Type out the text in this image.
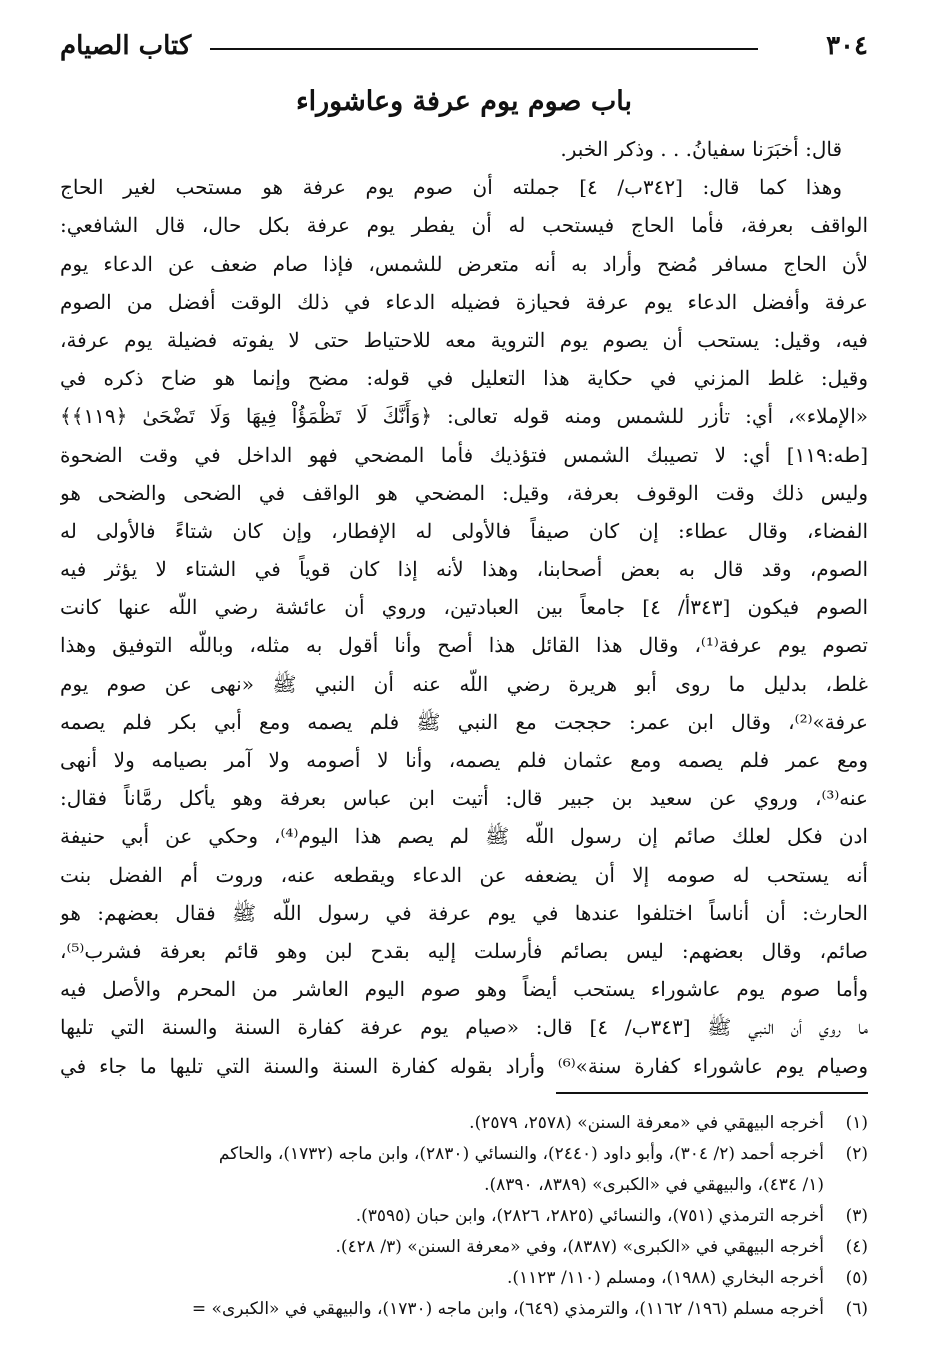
٣٠٤
كتاب الصيام
باب صوم يوم عرفة وعاشوراء
قال: أخبَرَنا سفيانُ. . . وذكر الخبر.
وهذا كما قال: [٣٤٢ب/ ٤] جملته أن صوم يوم عرفة هو مستحب لغير الحاج
الواقف بعرفة، فأما الحاج فيستحب له أن يفطر يوم عرفة بكل حال، قال الشافعي:
لأن الحاج مسافر مُضح وأراد به أنه متعرض للشمس، فإذا صام ضعف عن الدعاء يوم
عرفة وأفضل الدعاء يوم عرفة فحيازة فضيله الدعاء في ذلك الوقت أفضل من الصوم
فيه، وقيل: يستحب أن يصوم يوم التروية معه للاحتياط حتى لا يفوته فضيلة يوم عرفة،
وقيل: غلط المزني في حكاية هذا التعليل في قوله: مضح وإنما هو ضاح ذكره في
«الإملاء»، أي: تأزر للشمس ومنه قوله تعالى: ﴿وَأَنَّكَ لَا تَظْمَؤُاْ فِيهَا وَلَا تَضْحَىٰ ﴿١١٩﴾﴾
[طه:١١٩] أي: لا تصيبك الشمس فتؤذيك فأما المضحي فهو الداخل في وقت الضحوة
وليس ذلك وقت الوقوف بعرفة، وقيل: المضحي هو الواقف في الضحى والضحى هو
الفضاء، وقال عطاء: إن كان صيفاً فالأولى له الإفطار، وإن كان شتاءً فالأولى له
الصوم، وقد قال به بعض أصحابنا، وهذا لأنه إذا كان قوياً في الشتاء لا يؤثر فيه
الصوم فيكون [٣٤٣أ/ ٤] جامعاً بين العبادتين، وروي أن عائشة رضي اللّه عنها كانت
تصوم يوم عرفة⁽¹⁾، وقال هذا القائل هذا أصح وأنا أقول به مثله، وباللّه التوفيق وهذا
غلط، بدليل ما روى أبو هريرة رضي اللّه عنه أن النبي ﷺ «نهى عن صوم يوم
عرفة»⁽²⁾، وقال ابن عمر: حججت مع النبي ﷺ فلم يصمه ومع أبي بكر فلم يصمه
ومع عمر فلم يصمه ومع عثمان فلم يصمه، وأنا لا أصومه ولا آمر بصيامه ولا أنهى
عنه⁽³⁾، وروي عن سعيد بن جبير قال: أتيت ابن عباس بعرفة وهو يأكل رمَّاناً فقال:
ادن فكل لعلك صائم إن رسول اللّه ﷺ لم يصم هذا اليوم⁽⁴⁾، وحكي عن أبي حنيفة
أنه يستحب له صومه إلا أن يضعفه عن الدعاء ويقطعه عنه، وروت أم الفضل بنت
الحارث: أن أناساً اختلفوا عندها في يوم عرفة في رسول اللّه ﷺ فقال بعضهم: هو
صائم، وقال بعضهم: ليس بصائم فأرسلت إليه بقدح لبن وهو قائم بعرفة فشرب⁽⁵⁾،
وأما صوم يوم عاشوراء يستحب أيضاً وهو صوم اليوم العاشر من المحرم والأصل فيه
ما روي أن النبي ﷺ [٣٤٣ب/ ٤] قال: «صيام يوم عرفة كفارة السنة والسنة التي تليها
وصيام يوم عاشوراء كفارة سنة»⁽⁶⁾ وأراد بقوله كفارة السنة والسنة التي تليها ما جاء في
(١)
أخرجه البيهقي في «معرفة السنن» (٢٥٧٨، ٢٥٧٩).
(٢)
أخرجه أحمد (٢/ ٣٠٤)، وأبو داود (٢٤٤٠)، والنسائي (٢٨٣٠)، وابن ماجه (١٧٣٢)، والحاكم
(١/ ٤٣٤)، والبيهقي في «الكبرى» (٨٣٨٩، ٨٣٩٠).
(٣)
أخرجه الترمذي (٧٥١)، والنسائي (٢٨٢٥، ٢٨٢٦)، وابن حبان (٣٥٩٥).
(٤)
أخرجه البيهقي في «الكبرى» (٨٣٨٧)، وفي «معرفة السنن» (٣/ ٤٢٨).
(٥)
أخرجه البخاري (١٩٨٨)، ومسلم (١١٠/ ١١٢٣).
(٦)
أخرجه مسلم (١٩٦/ ١١٦٢)، والترمذي (٦٤٩)، وابن ماجه (١٧٣٠)، والبيهقي في «الكبرى» =
